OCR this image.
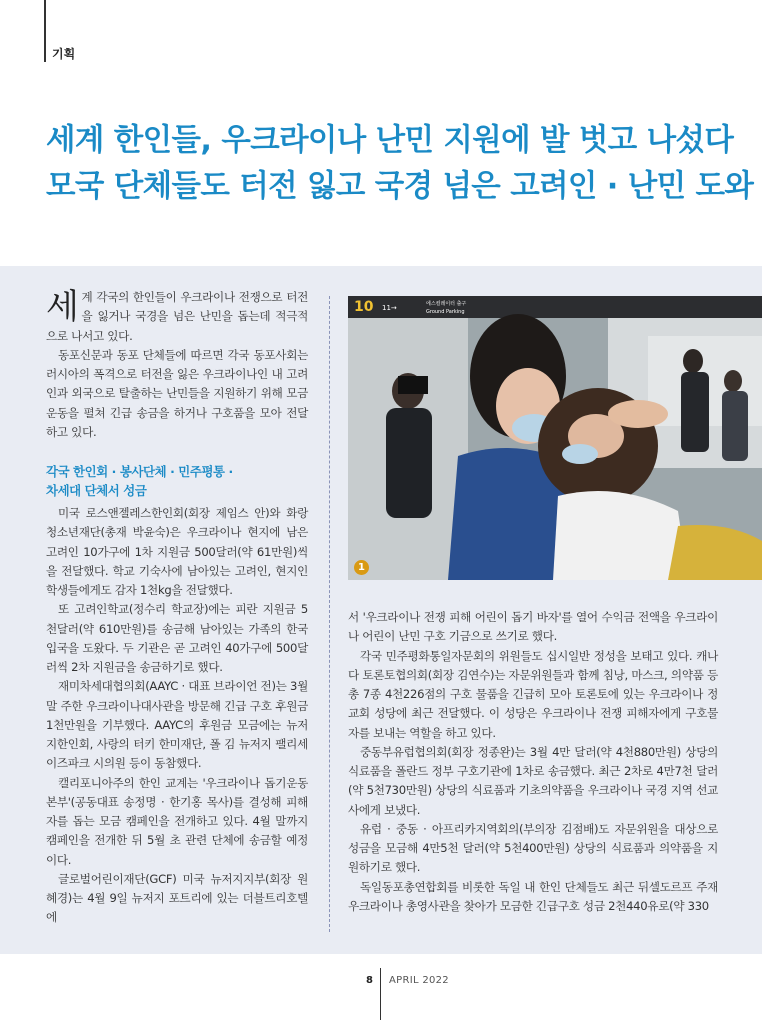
기획
세계 한인들, 우크라이나 난민 지원에 발 벗고 나섰다
모국 단체들도 터전 잃고 국경 넘은 고려인 · 난민 도와

세계 각국의 한인들이 우크라이나 전쟁으로 터전을 잃거나 국경을 넘은 난민을 돕는데 적극적으로 나서고 있다.

동포신문과 동포 단체들에 따르면 각국 동포사회는 러시아의 폭격으로 터전을 잃은 우크라이나인 내 고려인과 외국으로 탈출하는 난민들을 지원하기 위해 모금 운동을 펼쳐 긴급 송금을 하거나 구호품을 모아 전달하고 있다.

각국 한인회 · 봉사단체 · 민주평통 ·
차세대 단체서 성금

미국 로스앤젤레스한인회(회장 제임스 안)와 화랑청소년재단(총재 박윤숙)은 우크라이나 현지에 남은 고려인 10가구에 1차 지원금 500달러(약 61만원)씩을 전달했다. 학교 기숙사에 남아있는 고려인, 현지인 학생들에게도 감자 1천kg을 전달했다.

또 고려인학교(정수리 학교장)에는 피란 지원금 5천달러(약 610만원)를 송금해 남아있는 가족의 한국 입국을 도왔다. 두 기관은 곧 고려인 40가구에 500달러씩 2차 지원금을 송금하기로 했다.

재미차세대협의회(AAYC · 대표 브라이언 전)는 3월 말 주한 우크라이나대사관을 방문해 긴급 구호 후원금 1천만원을 기부했다. AAYC의 후원금 모금에는 뉴저지한인회, 사랑의 터키 한미재단, 폴 김 뉴저지 팰리세이즈파크 시의원 등이 동참했다.

캘리포니아주의 한인 교계는 '우크라이나 돕기운동본부'(공동대표 송정명 · 한기홍 목사)를 결성해 피해자를 돕는 모금 캠페인을 전개하고 있다. 4월 말까지 캠페인을 전개한 뒤 5월 초 관련 단체에 송금할 예정이다.

글로벌어린이재단(GCF) 미국 뉴저지지부(회장 원혜경)는 4월 9일 뉴저지 포트리에 있는 더블트리호텔에

10 11→	에스컬레이터 출구
Ground Parking
1

서 '우크라이나 전쟁 피해 어린이 돕기 바자'를 열어 수익금 전액을 우크라이나 어린이 난민 구호 기금으로 쓰기로 했다.

각국 민주평화통일자문회의 위원들도 십시일반 정성을 보태고 있다. 캐나다 토론토협의회(회장 김연수)는 자문위원들과 함께 침낭, 마스크, 의약품 등 총 7종 4천226점의 구호 물품을 긴급히 모아 토론토에 있는 우크라이나 정교회 성당에 최근 전달했다. 이 성당은 우크라이나 전쟁 피해자에게 구호물자를 보내는 역할을 하고 있다.

중동부유럽협의회(회장 정종완)는 3월 4만 달러(약 4천880만원) 상당의 식료품을 폴란드 정부 구호기관에 1차로 송금했다. 최근 2차로 4만7천 달러(약 5천730만원) 상당의 식료품과 기초의약품을 우크라이나 국경 지역 선교사에게 보냈다.

유럽 · 중동 · 아프리카지역회의(부의장 김점배)도 자문위원을 대상으로 성금을 모금해 4만5천 달러(약 5천400만원) 상당의 식료품과 의약품을 지원하기로 했다.

독일동포총연합회를 비롯한 독일 내 한인 단체들도 최근 뒤셀도르프 주재 우크라이나 총영사관을 찾아가 모금한 긴급구호 성금 2천440유로(약 330

8 APRIL 2022
